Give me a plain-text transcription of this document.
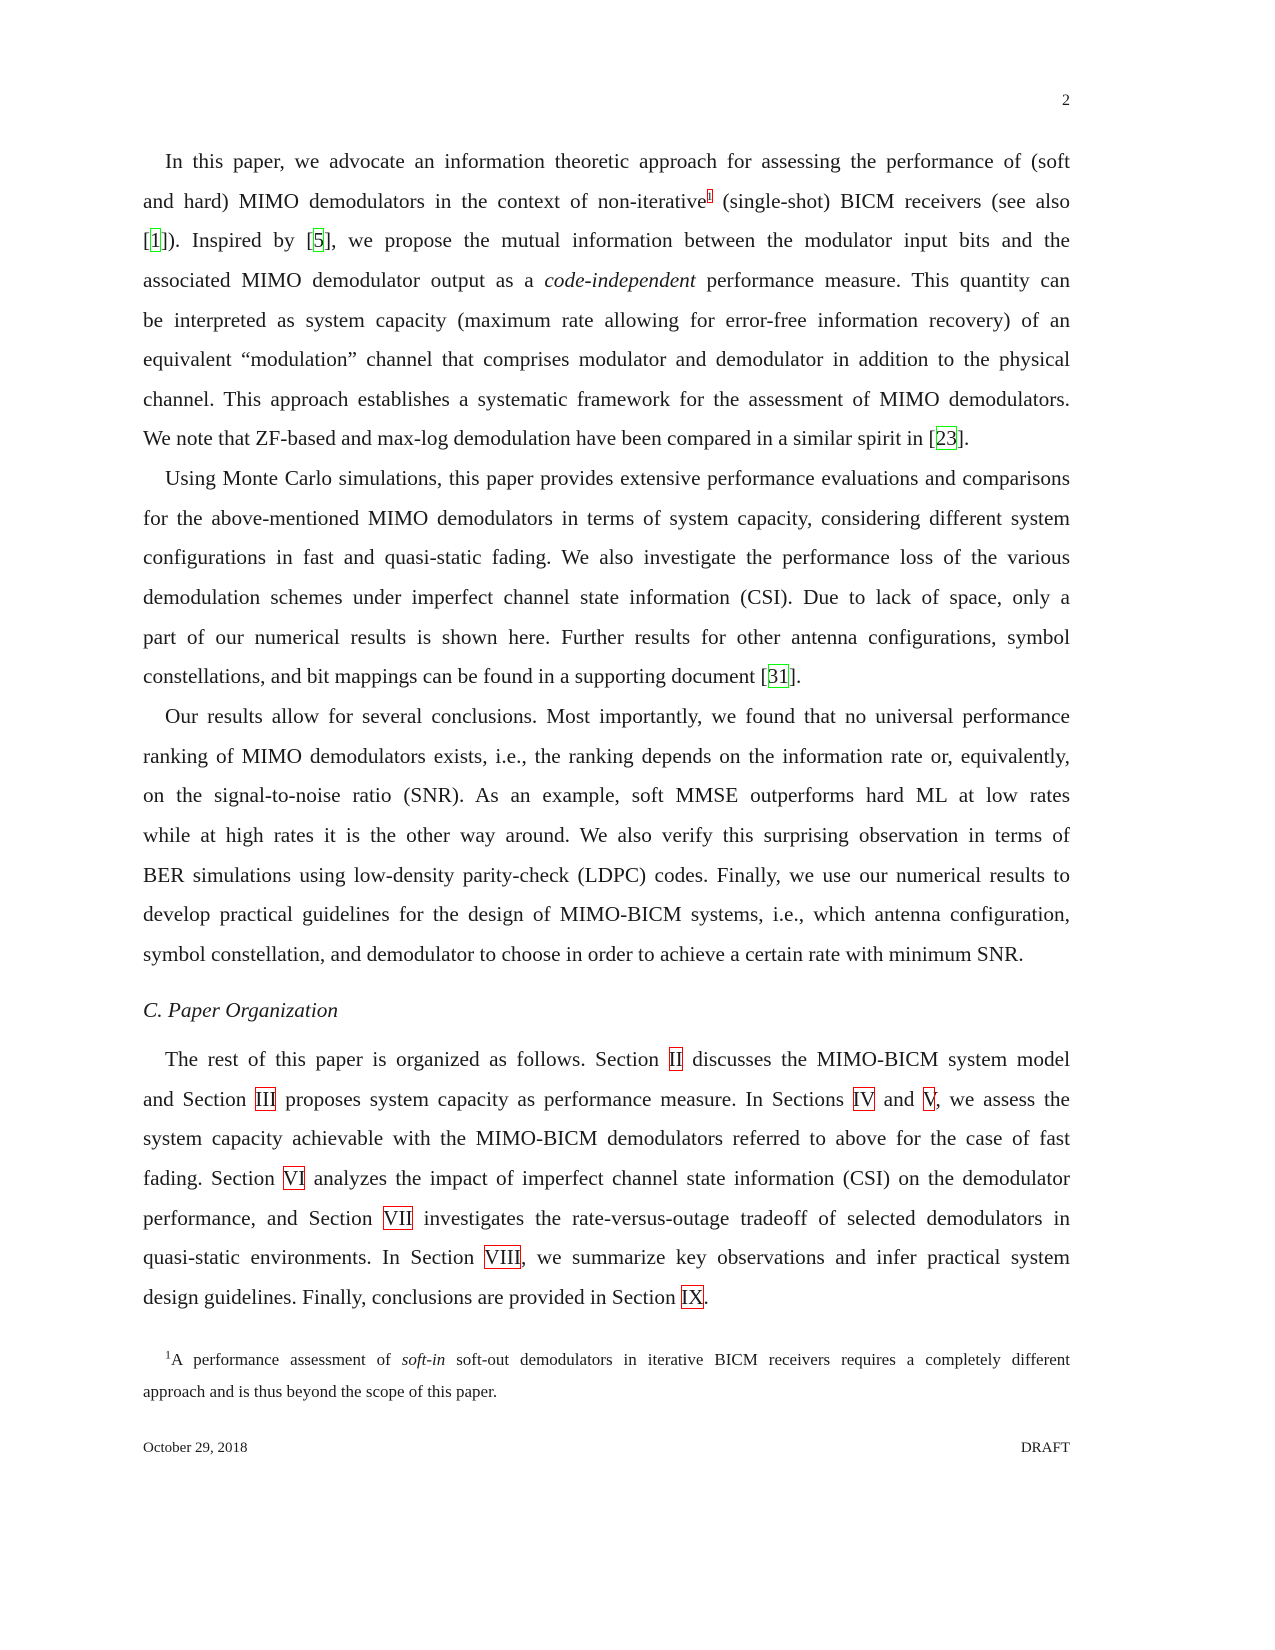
2
In this paper, we advocate an information theoretic approach for assessing the performance of (soft
and hard) MIMO demodulators in the context of non-iterative$^1$ (single-shot) BICM receivers (see also
[1]). Inspired by [5], we propose the mutual information between the modulator input bits and the
associated MIMO demodulator output as a code-independent performance measure. This quantity can
be interpreted as system capacity (maximum rate allowing for error-free information recovery) of an
equivalent “modulation” channel that comprises modulator and demodulator in addition to the physical
channel. This approach establishes a systematic framework for the assessment of MIMO demodulators.
We note that ZF-based and max-log demodulation have been compared in a similar spirit in [23].
Using Monte Carlo simulations, this paper provides extensive performance evaluations and comparisons
for the above-mentioned MIMO demodulators in terms of system capacity, considering different system
configurations in fast and quasi-static fading. We also investigate the performance loss of the various
demodulation schemes under imperfect channel state information (CSI). Due to lack of space, only a
part of our numerical results is shown here. Further results for other antenna configurations, symbol
constellations, and bit mappings can be found in a supporting document [31].
Our results allow for several conclusions. Most importantly, we found that no universal performance
ranking of MIMO demodulators exists, i.e., the ranking depends on the information rate or, equivalently,
on the signal-to-noise ratio (SNR). As an example, soft MMSE outperforms hard ML at low rates
while at high rates it is the other way around. We also verify this surprising observation in terms of
BER simulations using low-density parity-check (LDPC) codes. Finally, we use our numerical results to
develop practical guidelines for the design of MIMO-BICM systems, i.e., which antenna configuration,
symbol constellation, and demodulator to choose in order to achieve a certain rate with minimum SNR.
C. Paper Organization
The rest of this paper is organized as follows. Section II discusses the MIMO-BICM system model
and Section III proposes system capacity as performance measure. In Sections IV and V, we assess the
system capacity achievable with the MIMO-BICM demodulators referred to above for the case of fast
fading. Section VI analyzes the impact of imperfect channel state information (CSI) on the demodulator
performance, and Section VII investigates the rate-versus-outage tradeoff of selected demodulators in
quasi-static environments. In Section VIII, we summarize key observations and infer practical system
design guidelines. Finally, conclusions are provided in Section IX.
$^1$A performance assessment of soft-in soft-out demodulators in iterative BICM receivers requires a completely different
approach and is thus beyond the scope of this paper.
October 29, 2018	DRAFT
